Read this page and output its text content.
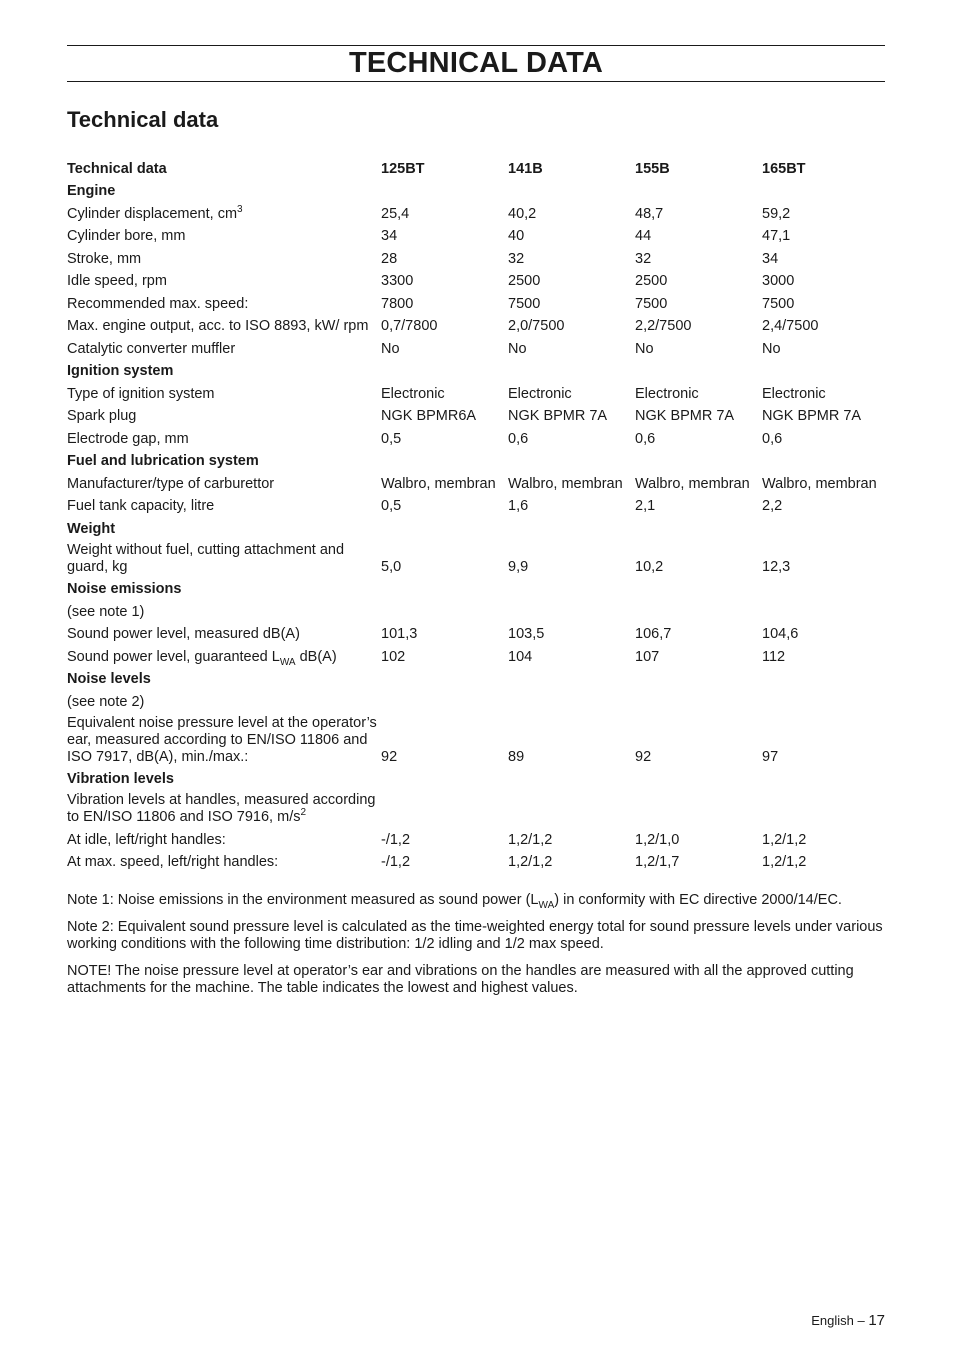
TECHNICAL DATA
Technical data
Technical data	125BT	141B	155B	165BT
Engine				
Cylinder displacement, $cm^3$	25,4	40,2	48,7	59,2
Cylinder bore, mm	34	40	44	47,1
Stroke, mm	28	32	32	34
Idle speed, rpm	3300	2500	2500	3000
Recommended max. speed:	7800	7500	7500	7500
Max. engine output, acc. to ISO 8893, kW/ rpm	0,7/7800	2,0/7500	2,2/7500	2,4/7500
Catalytic converter muffler	No	No	No	No
Ignition system				
Type of ignition system	Electronic	Electronic	Electronic	Electronic
Spark plug	NGK BPMR6A	NGK BPMR 7A	NGK BPMR 7A	NGK BPMR 7A
Electrode gap, mm	0,5	0,6	0,6	0,6
Fuel and lubrication system				
Manufacturer/type of carburettor	Walbro, membran	Walbro, membran	Walbro, membran	Walbro, membran
Fuel tank capacity, litre	0,5	1,6	2,1	2,2
Weight				
Weight without fuel, cutting attachment and guard, kg	5,0	9,9	10,2	12,3
Noise emissions				
(see note 1)				
Sound power level, measured dB(A)	101,3	103,5	106,7	104,6
Sound power level, guaranteed $L_{WA}$ dB(A)	102	104	107	112
Noise levels				
(see note 2)				
Equivalent noise pressure level at the operator’s ear, measured according to EN/ISO 11806 and ISO 7917, dB(A), min./max.:	92	89	92	97
Vibration levels				
Vibration levels at handles, measured according to EN/ISO 11806 and ISO 7916, $m/s^2$				
At idle, left/right handles:	-/1,2	1,2/1,2	1,2/1,0	1,2/1,2
At max. speed, left/right handles:	-/1,2	1,2/1,2	1,2/1,7	1,2/1,2

Note 1: Noise emissions in the environment measured as sound power $(L_{WA})$ in conformity with EC directive 2000/14/EC.

Note 2: Equivalent sound pressure level is calculated as the time-weighted energy total for sound pressure levels under various working conditions with the following time distribution: 1/2 idling and 1/2 max speed.

NOTE! The noise pressure level at operator’s ear and vibrations on the handles are measured with all the approved cutting attachments for the machine. The table indicates the lowest and highest values.

English – 17
